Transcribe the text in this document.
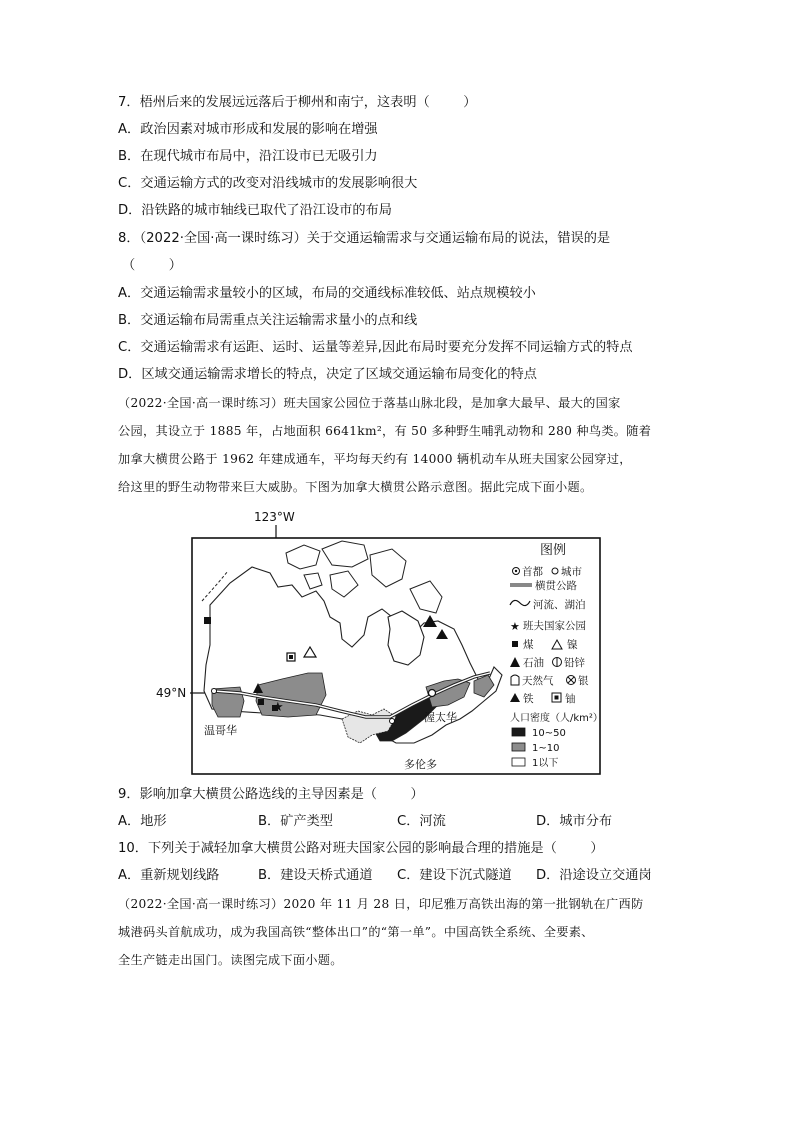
7．梧州后来的发展远远落后于柳州和南宁，这表明（        ）
A．政治因素对城市形成和发展的影响在增强
B．在现代城市布局中，沿江设市已无吸引力
C．交通运输方式的改变对沿线城市的发展影响很大
D．沿铁路的城市轴线已取代了沿江设市的布局
8．（2022·全国·高一课时练习）关于交通运输需求与交通运输布局的说法，错误的是
（        ）
A．交通运输需求量较小的区域，布局的交通线标准较低、站点规模较小
B．交通运输布局需重点关注运输需求量小的点和线
C．交通运输需求有运距、运时、运量等差异,因此布局时要充分发挥不同运输方式的特点
D．区域交通运输需求增长的特点，决定了区域交通运输布局变化的特点
（2022·全国·高一课时练习）班夫国家公园位于落基山脉北段，是加拿大最早、最大的国家
公园，其设立于 1885 年，占地面积 6641km²，有 50 多种野生哺乳动物和 280 种鸟类。随着
加拿大横贯公路于 1962 年建成通车，平均每天约有 14000 辆机动车从班夫国家公园穿过，
给这里的野生动物带来巨大威胁。下图为加拿大横贯公路示意图。据此完成下面小题。
123°W
49°N
★
温哥华
渥太华
多伦多
图例
首都 城市
横贯公路
河流、湖泊
★ 班夫国家公园
煤	镍
石油 铅锌
天然气 银
铁	铀
人口密度（人/km²）
10~50
1~10
1以下
9．影响加拿大横贯公路选线的主导因素是（        ）
A．地形	B．矿产类型	C．河流	D．城市分布
10．下列关于减轻加拿大横贯公路对班夫国家公园的影响最合理的措施是（        ）
A．重新规划线路	B．建设天桥式通道 C．建设下沉式隧道 D．沿途设立交通岗
（2022·全国·高一课时练习）2020 年 11 月 28 日，印尼雅万高铁出海的第一批钢轨在广西防
城港码头首航成功，成为我国高铁“整体出口”的“第一单”。中国高铁全系统、全要素、
全生产链走出国门。读图完成下面小题。
